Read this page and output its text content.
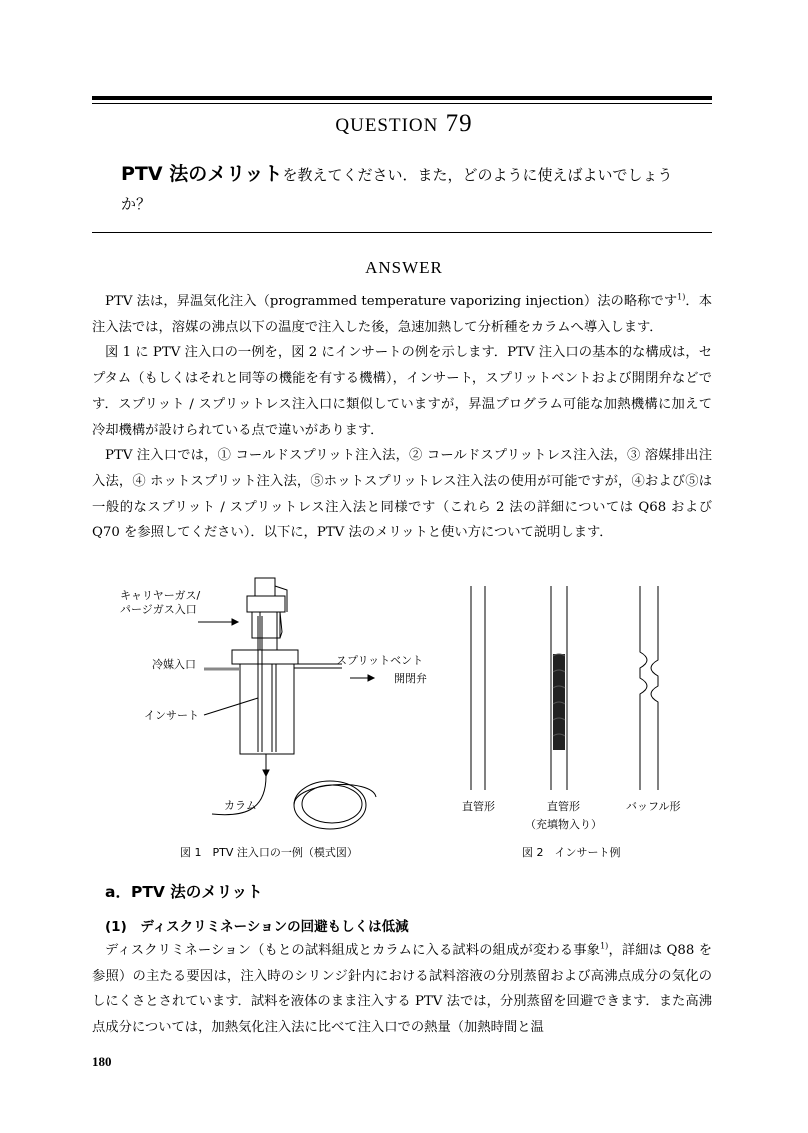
QUESTION 79
PTV 法のメリットを教えてください．また，どのように使えばよいでしょう
か？
ANSWER

PTV 法は，昇温気化注入（programmed temperature vaporizing injection）法の略称です$^{1)}$．本注入法では，溶媒の沸点以下の温度で注入した後，急速加熱して分析種をカラムへ導入します．

図 1 に PTV 注入口の一例を，図 2 にインサートの例を示します．PTV 注入口の基本的な構成は，セプタム（もしくはそれと同等の機能を有する機構），インサート，スプリットベントおよび開閉弁などです．スプリット / スプリットレス注入口に類似していますが，昇温プログラム可能な加熱機構に加えて冷却機構が設けられている点で違いがあります．

PTV 注入口では，① コールドスプリット注入法，② コールドスプリットレス注入法，③ 溶媒排出注入法，④ ホットスプリット注入法，⑤ホットスプリットレス注入法の使用が可能ですが，④および⑤は一般的なスプリット / スプリットレス注入法と同様です（これら 2 法の詳細については Q68 および Q70 を参照してください）．以下に，PTV 法のメリットと使い方について説明します．

キャリヤーガス/
パージガス入口
冷媒入口	スプリットベント
開閉弁
インサート
カラム
図 1　PTV 注入口の一例（模式図）
直管形	直管形
（充填物入り）
バッフル形
図 2　インサート例
a．PTV 法のメリット
(1)　ディスクリミネーションの回避もしくは低減

ディスクリミネーション（もとの試料組成とカラムに入る試料の組成が変わる事象$^{1)}$，詳細は Q88 を参照）の主たる要因は，注入時のシリンジ針内における試料溶液の分別蒸留および高沸点成分の気化のしにくさとされています．試料を液体のまま注入する PTV 法では，分別蒸留を回避できます．また高沸点成分については，加熱気化注入法に比べて注入口での熱量（加熱時間と温

180
